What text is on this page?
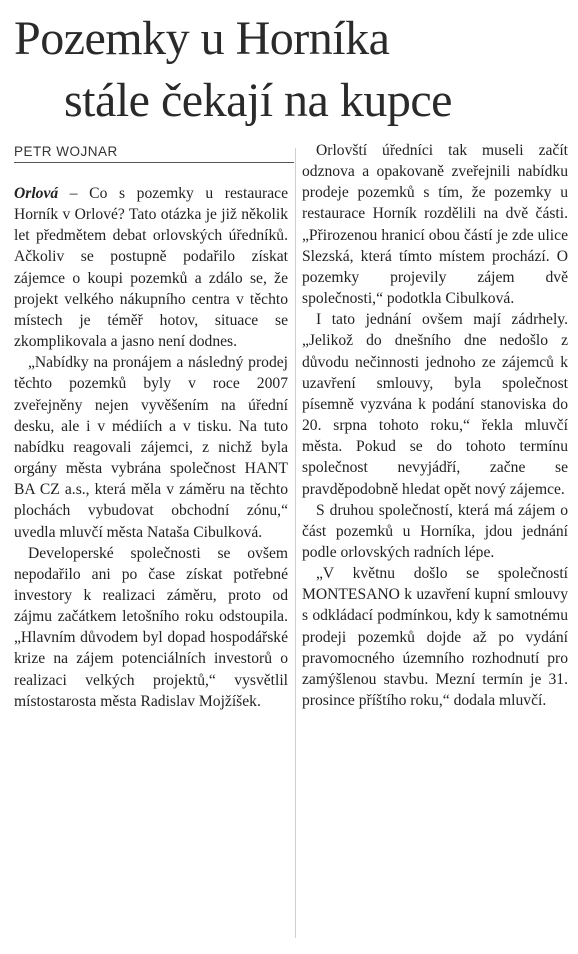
Pozemky u Horníka
stále čekají na kupce
PETR WOJNAR

Orlová – Co s pozemky u restaurace Horník v Orlové? Tato otázka je již několik let předmětem debat orlovských úředníků. Ačkoliv se postupně podařilo získat zájemce o koupi pozemků a zdálo se, že projekt velkého nákupního centra v těchto místech je téměř hotov, situace se zkomplikovala a jasno není dodnes.

„Nabídky na pronájem a následný prodej těchto pozemků byly v roce 2007 zveřejněny nejen vyvěšením na úřední desku, ale i v médiích a v tisku. Na tuto nabídku reagovali zájemci, z nichž byla orgány města vybrána společnost HANT BA CZ a.s., která měla v záměru na těchto plochách vybudovat obchodní zónu,“ uvedla mluvčí města Nataša Cibulková.

Developerské společnosti se ovšem nepodařilo ani po čase získat potřebné investory k realizaci záměru, proto od zájmu začátkem letošního roku odstoupila. „Hlavním důvodem byl dopad hospodářské krize na zájem potenciálních investorů o realizaci velkých projektů,“ vysvětlil místostarosta města Radislav Mojžíšek.

Orlovští úředníci tak museli začít odznova a opakovaně zveřejnili nabídku prodeje pozemků s tím, že pozemky u restaurace Horník rozdělili na dvě části. „Přirozenou hranicí obou částí je zde ulice Slezská, která tímto místem prochází. O pozemky projevily zájem dvě společnosti,“ podotkla Cibulková.

I tato jednání ovšem mají zádrhely. „Jelikož do dnešního dne nedošlo z důvodu nečinnosti jednoho ze zájemců k uzavření smlouvy, byla společnost písemně vyzvána k podání stanoviska do 20. srpna tohoto roku,“ řekla mluvčí města. Pokud se do tohoto termínu společnost nevyjádří, začne se pravděpodobně hledat opět nový zájemce.

S druhou společností, která má zájem o část pozemků u Horníka, jdou jednání podle orlovských radních lépe.

„V květnu došlo se společností MONTESANO k uzavření kupní smlouvy s odkládací podmínkou, kdy k samotnému prodeji pozemků dojde až po vydání pravomocného územního rozhodnutí pro zamýšlenou stavbu. Mezní termín je 31. prosince příštího roku,“ dodala mluvčí.
